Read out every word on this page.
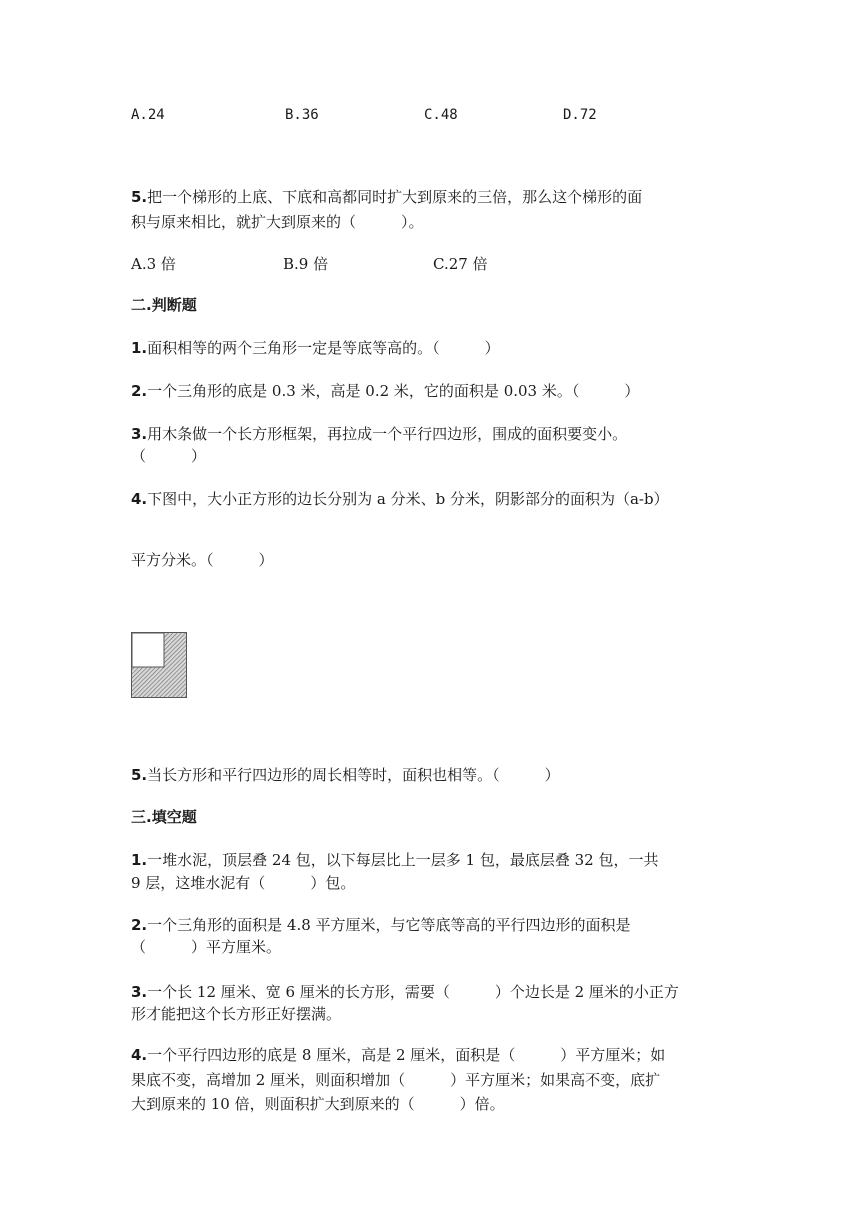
A.24	B.36	C.48	D.72
5.把一个梯形的上底、下底和高都同时扩大到原来的三倍，那么这个梯形的面
积与原来相比，就扩大到原来的（　　　）。
A.3 倍	B.9 倍	C.27 倍
二.判断题
1.面积相等的两个三角形一定是等底等高的。（　　　）
2.一个三角形的底是 0.3 米，高是 0.2 米，它的面积是 0.03 米。（　　　）
3.用木条做一个长方形框架，再拉成一个平行四边形，围成的面积要变小。
（　　　）
4.下图中，大小正方形的边长分别为 a 分米、b 分米，阴影部分的面积为（a-b）
平方分米。（　　　）
5.当长方形和平行四边形的周长相等时，面积也相等。（　　　）
三.填空题
1.一堆水泥，顶层叠 24 包，以下每层比上一层多 1 包，最底层叠 32 包，一共
9 层，这堆水泥有（　　　）包。
2.一个三角形的面积是 4.8 平方厘米，与它等底等高的平行四边形的面积是
（　　　）平方厘米。
3.一个长 12 厘米、宽 6 厘米的长方形，需要（　　　）个边长是 2 厘米的小正方
形才能把这个长方形正好摆满。
4.一个平行四边形的底是 8 厘米，高是 2 厘米，面积是（　　　）平方厘米；如
果底不变，高增加 2 厘米，则面积增加（　　　）平方厘米；如果高不变，底扩
大到原来的 10 倍，则面积扩大到原来的（　　　）倍。
